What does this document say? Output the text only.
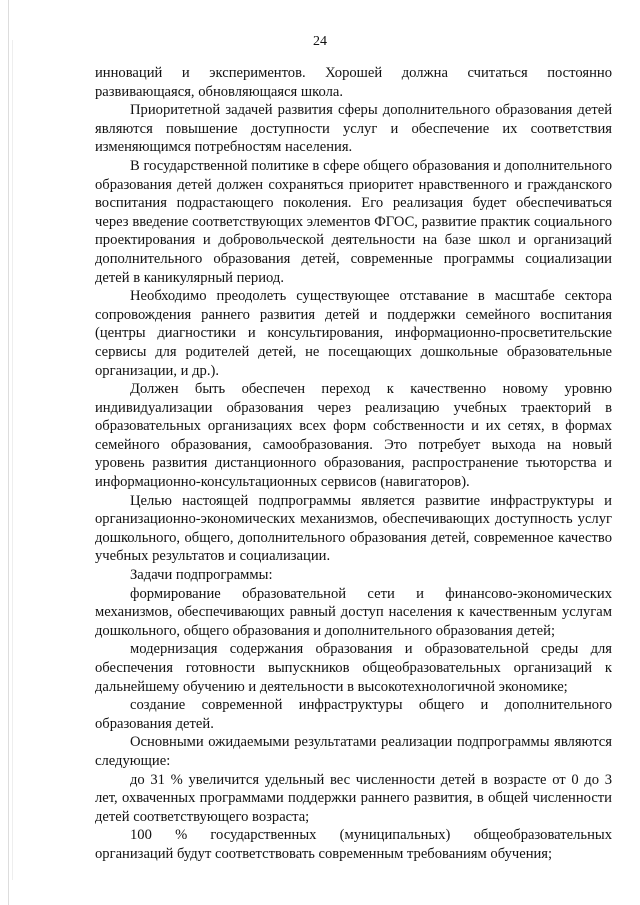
24

инноваций и экспериментов. Хорошей должна считаться постоянно развивающаяся, обновляющаяся школа.

Приоритетной задачей развития сферы дополнительного образования детей являются повышение доступности услуг и обеспечение их соответствия изменяющимся потребностям населения.

В государственной политике в сфере общего образования и дополнительного образования детей должен сохраняться приоритет нравственного и гражданского воспитания подрастающего поколения. Его реализация будет обеспечиваться через введение соответствующих элементов ФГОС, развитие практик социального проектирования и добровольческой деятельности на базе школ и организаций дополнительного образования детей, современные программы социализации детей в каникулярный период.

Необходимо преодолеть существующее отставание в масштабе сектора сопровождения раннего развития детей и поддержки семейного воспитания (центры диагностики и консультирования, информационно-просветительские сервисы для родителей детей, не посещающих дошкольные образовательные организации, и др.).

Должен быть обеспечен переход к качественно новому уровню индивидуализации образования через реализацию учебных траекторий в образовательных организациях всех форм собственности и их сетях, в формах семейного образования, самообразования. Это потребует выхода на новый уровень развития дистанционного образования, распространение тьюторства и информационно-консультационных сервисов (навигаторов).

Целью настоящей подпрограммы является развитие инфраструктуры и организационно-экономических механизмов, обеспечивающих доступность услуг дошкольного, общего, дополнительного образования детей, современное качество учебных результатов и социализации.

Задачи подпрограммы:

формирование образовательной сети и финансово-экономических механизмов, обеспечивающих равный доступ населения к качественным услугам дошкольного, общего образования и дополнительного образования детей;

модернизация содержания образования и образовательной среды для обеспечения готовности выпускников общеобразовательных организаций к дальнейшему обучению и деятельности в высокотехнологичной экономике;

создание современной инфраструктуры общего и дополнительного образования детей.

Основными ожидаемыми результатами реализации подпрограммы являются следующие:

до 31 % увеличится удельный вес численности детей в возрасте от 0 до 3 лет, охваченных программами поддержки раннего развития, в общей численности детей соответствующего возраста;

100 % государственных (муниципальных) общеобразовательных организаций будут соответствовать современным требованиям обучения;
